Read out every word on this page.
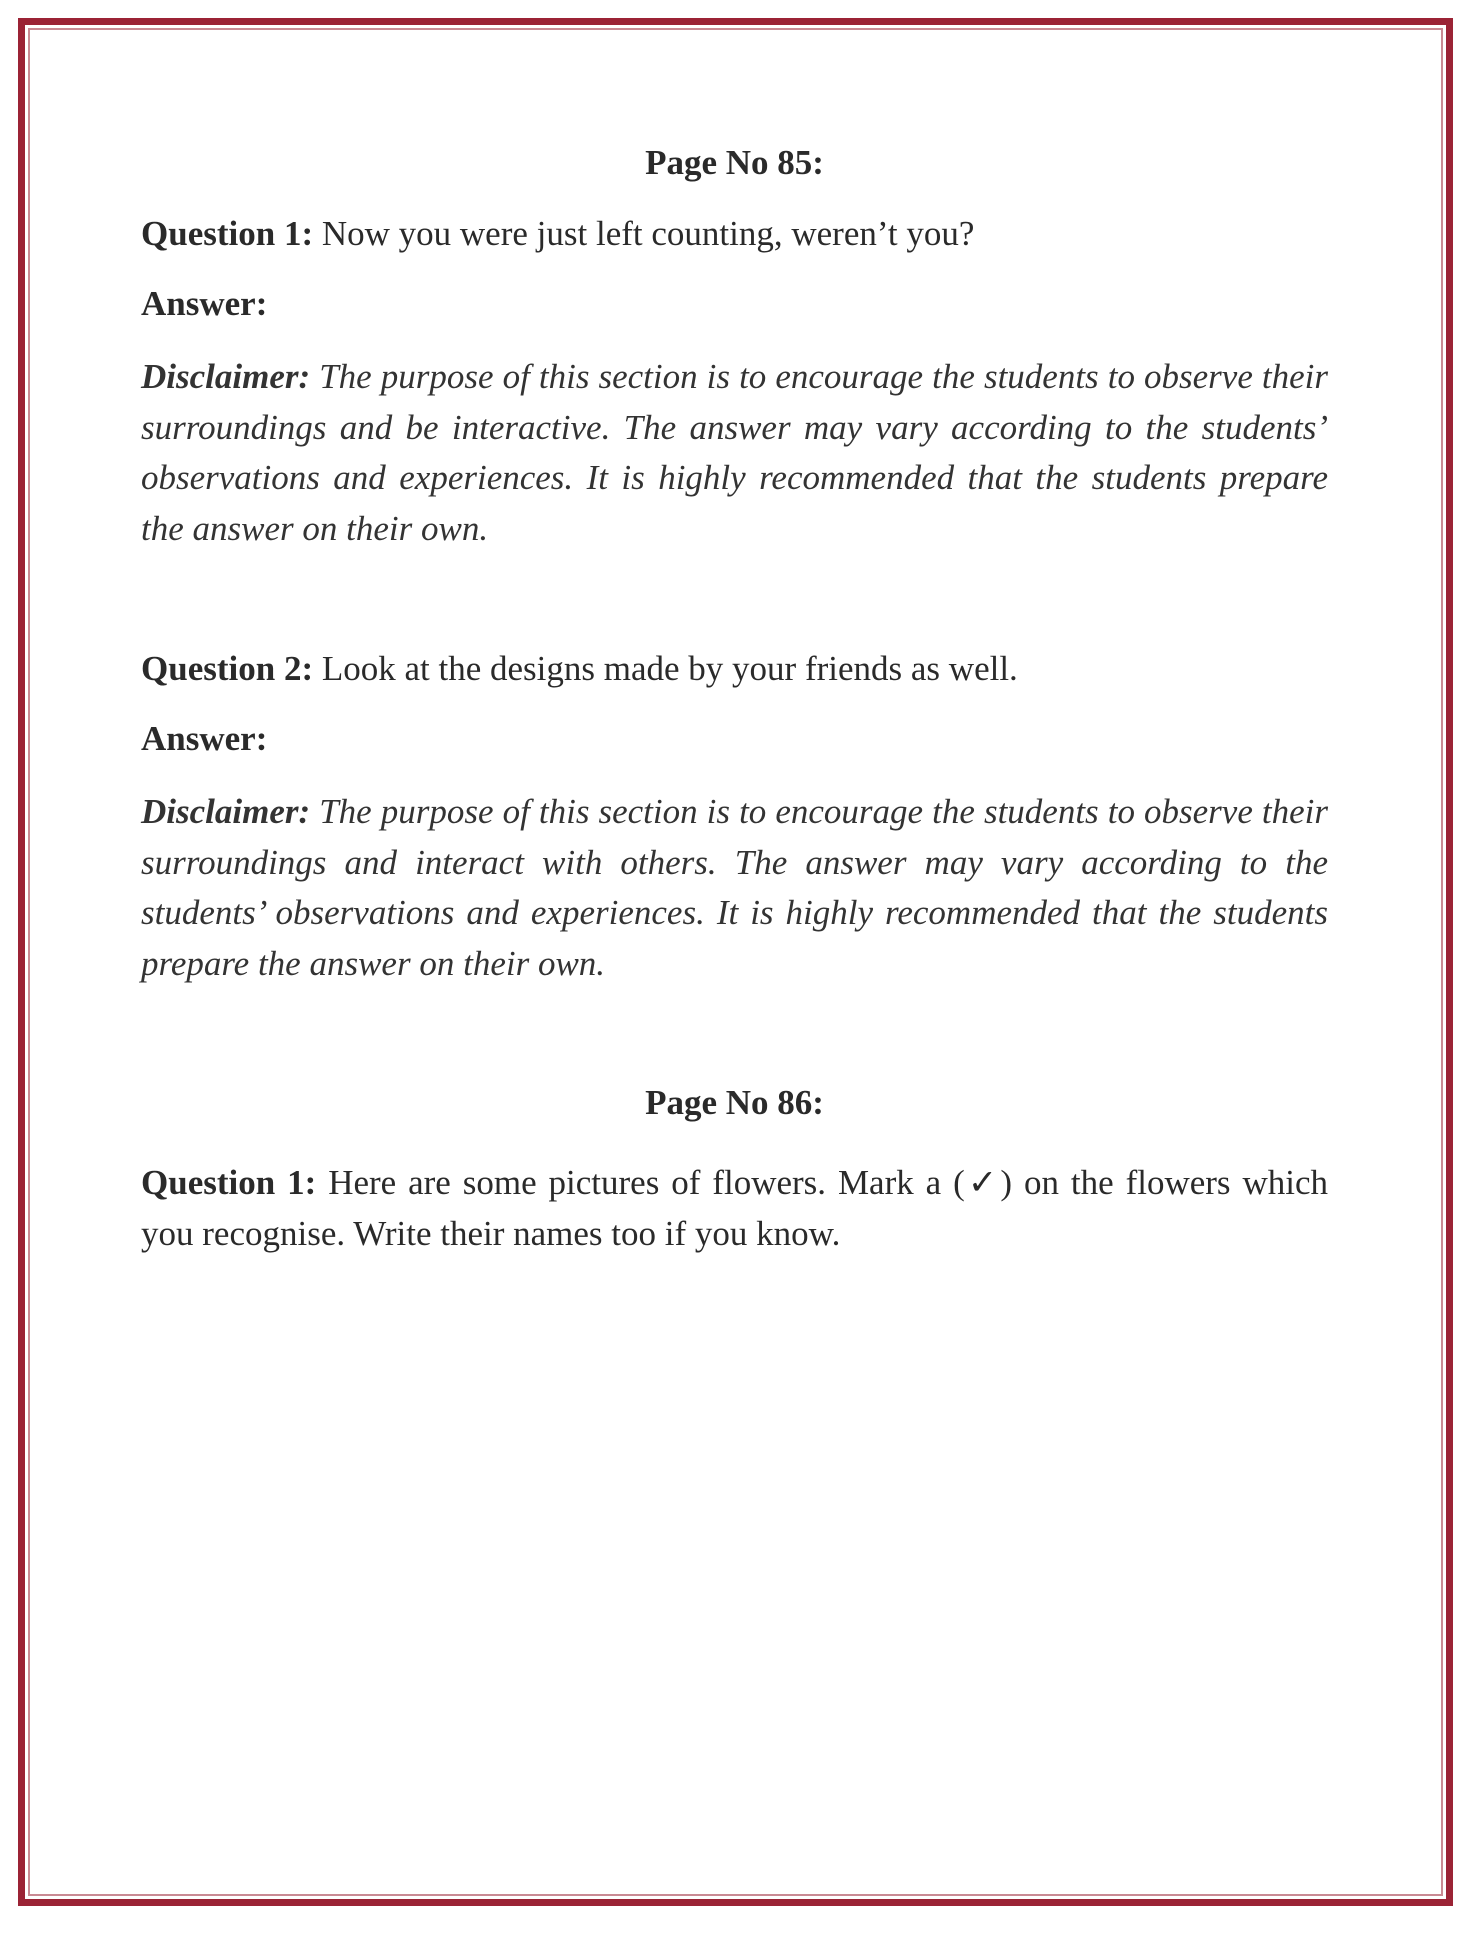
Page No 85:
Question 1: Now you were just left counting, weren’t you?
Answer:
Disclaimer: The purpose of this section is to encourage the students to observe their surroundings and be interactive. The answer may vary according to the students’ observations and experiences. It is highly recommended that the students prepare the answer on their own.
Question 2: Look at the designs made by your friends as well.
Answer:
Disclaimer: The purpose of this section is to encourage the students to observe their surroundings and interact with others. The answer may vary according to the students’ observations and experiences. It is highly recommended that the students prepare the answer on their own.
Page No 86:
Question 1: Here are some pictures of flowers. Mark a (✓) on the flowers which you recognise. Write their names too if you know.
